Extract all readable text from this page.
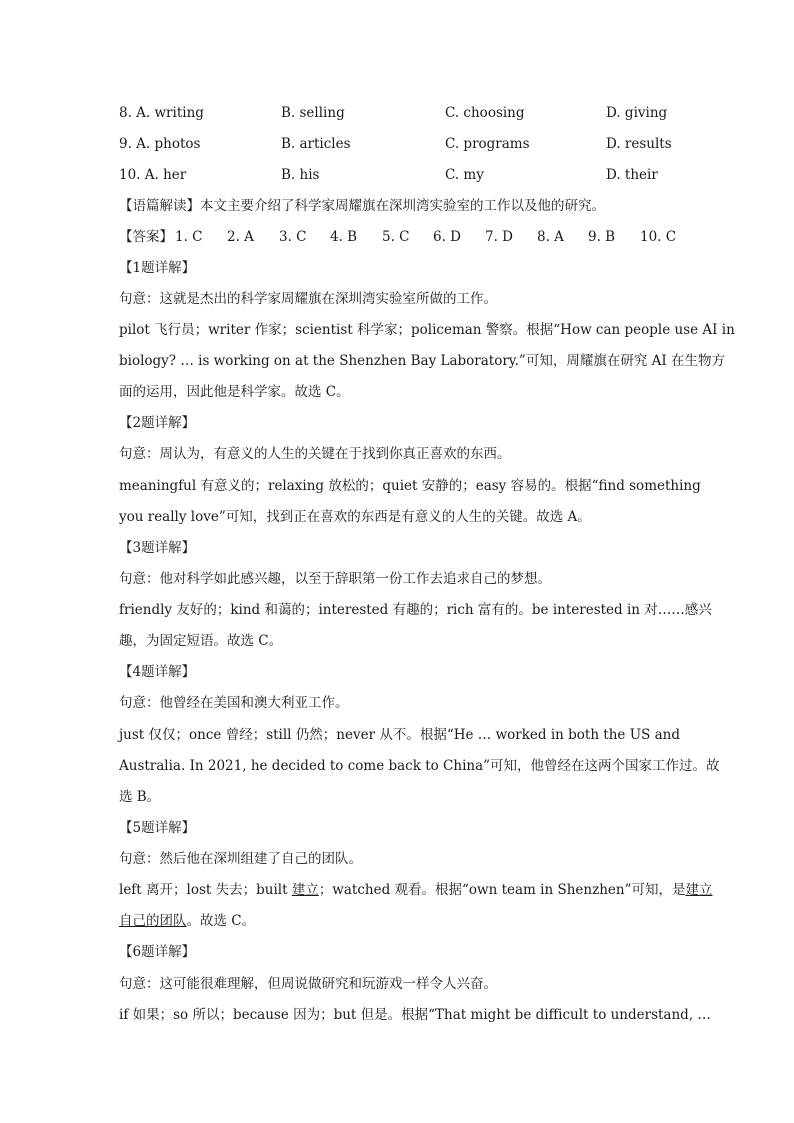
8. A. writing	B. selling	C. choosing	D. giving
9. A. photos	B. articles	C. programs	D. results
10. A. her	B. his	C. my	D. their
【语篇解读】本文主要介绍了科学家周耀旗在深圳湾实验室的工作以及他的研究。
【答案】 1. C 2. A 3. C 4. B 5. C 6. D 7. D 8. A 9. B 10. C
【1题详解】
句意：这就是杰出的科学家周耀旗在深圳湾实验室所做的工作。
pilot 飞行员；writer 作家；scientist 科学家；policeman 警察。根据“How can people use AI in
biology? … is working on at the Shenzhen Bay Laboratory.”可知，周耀旗在研究 AI 在生物方
面的运用，因此他是科学家。故选 C。
【2题详解】
句意：周认为，有意义的人生的关键在于找到你真正喜欢的东西。
meaningful 有意义的；relaxing 放松的；quiet 安静的；easy 容易的。根据“find something
you really love”可知，找到正在喜欢的东西是有意义的人生的关键。故选 A。
【3题详解】
句意：他对科学如此感兴趣，以至于辞职第一份工作去追求自己的梦想。
friendly 友好的；kind 和蔼的；interested 有趣的；rich 富有的。be interested in 对……感兴
趣，为固定短语。故选 C。
【4题详解】
句意：他曾经在美国和澳大利亚工作。
just 仅仅；once 曾经；still 仍然；never 从不。根据“He … worked in both the US and
Australia. In 2021, he decided to come back to China”可知，他曾经在这两个国家工作过。故
选 B。
【5题详解】
句意：然后他在深圳组建了自己的团队。
left 离开；lost 失去；built 建立；watched 观看。根据“own team in Shenzhen”可知，是建立
自己的团队。故选 C。
【6题详解】
句意：这可能很难理解，但周说做研究和玩游戏一样令人兴奋。
if 如果；so 所以；because 因为；but 但是。根据“That might be difficult to understand, …
